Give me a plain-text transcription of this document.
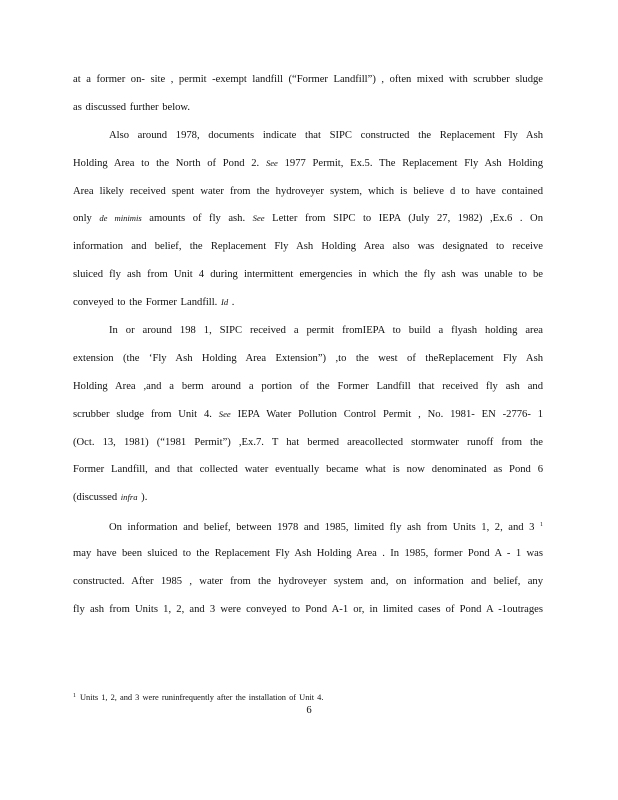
at a former on- site , permit -exempt landfill (“Former Landfill”) , often mixed with scrubber sludge
as discussed further below.
Also around 1978, documents indicate that SIPC constructed the Replacement Fly Ash
Holding Area to the North of Pond 2. See 1977 Permit, Ex.5. The Replacement Fly Ash Holding
Area likely received spent water from the hydroveyer system, which is believe d to have contained
only de minimis amounts of fly ash. See Letter from SIPC to IEPA (July 27, 1982) ,Ex.6 . On
information and belief, the Replacement Fly Ash Holding Area also was designated to receive
sluiced fly ash from Unit 4 during intermittent emergencies in which the fly ash was unable to be
conveyed to the Former Landfill. Id .
In or around 198 1, SIPC received a permit fromIEPA to build a flyash holding area
extension (the ‘Fly Ash Holding Area Extension”) ,to the west of theReplacement Fly Ash
Holding Area ,and a berm around a portion of the Former Landfill that received fly ash and
scrubber sludge from Unit 4. See IEPA Water Pollution Control Permit , No. 1981- EN -2776- 1
(Oct. 13, 1981) (“1981 Permit”) ,Ex.7. T hat bermed areacollected stormwater runoff from the
Former Landfill, and that collected water eventually became what is now denominated as Pond 6
(discussed infra ).
On information and belief, between 1978 and 1985, limited fly ash from Units 1, 2, and 3 $^1$
may have been sluiced to the Replacement Fly Ash Holding Area . In 1985, former Pond A - 1 was
constructed. After 1985 , water from the hydroveyer system and, on information and belief, any
fly ash from Units 1, 2, and 3 were conveyed to Pond A-1 or, in limited cases of Pond A -1outrages
$^1$ Units 1, 2, and 3 were runinfrequently after the installation of Unit 4.
6
